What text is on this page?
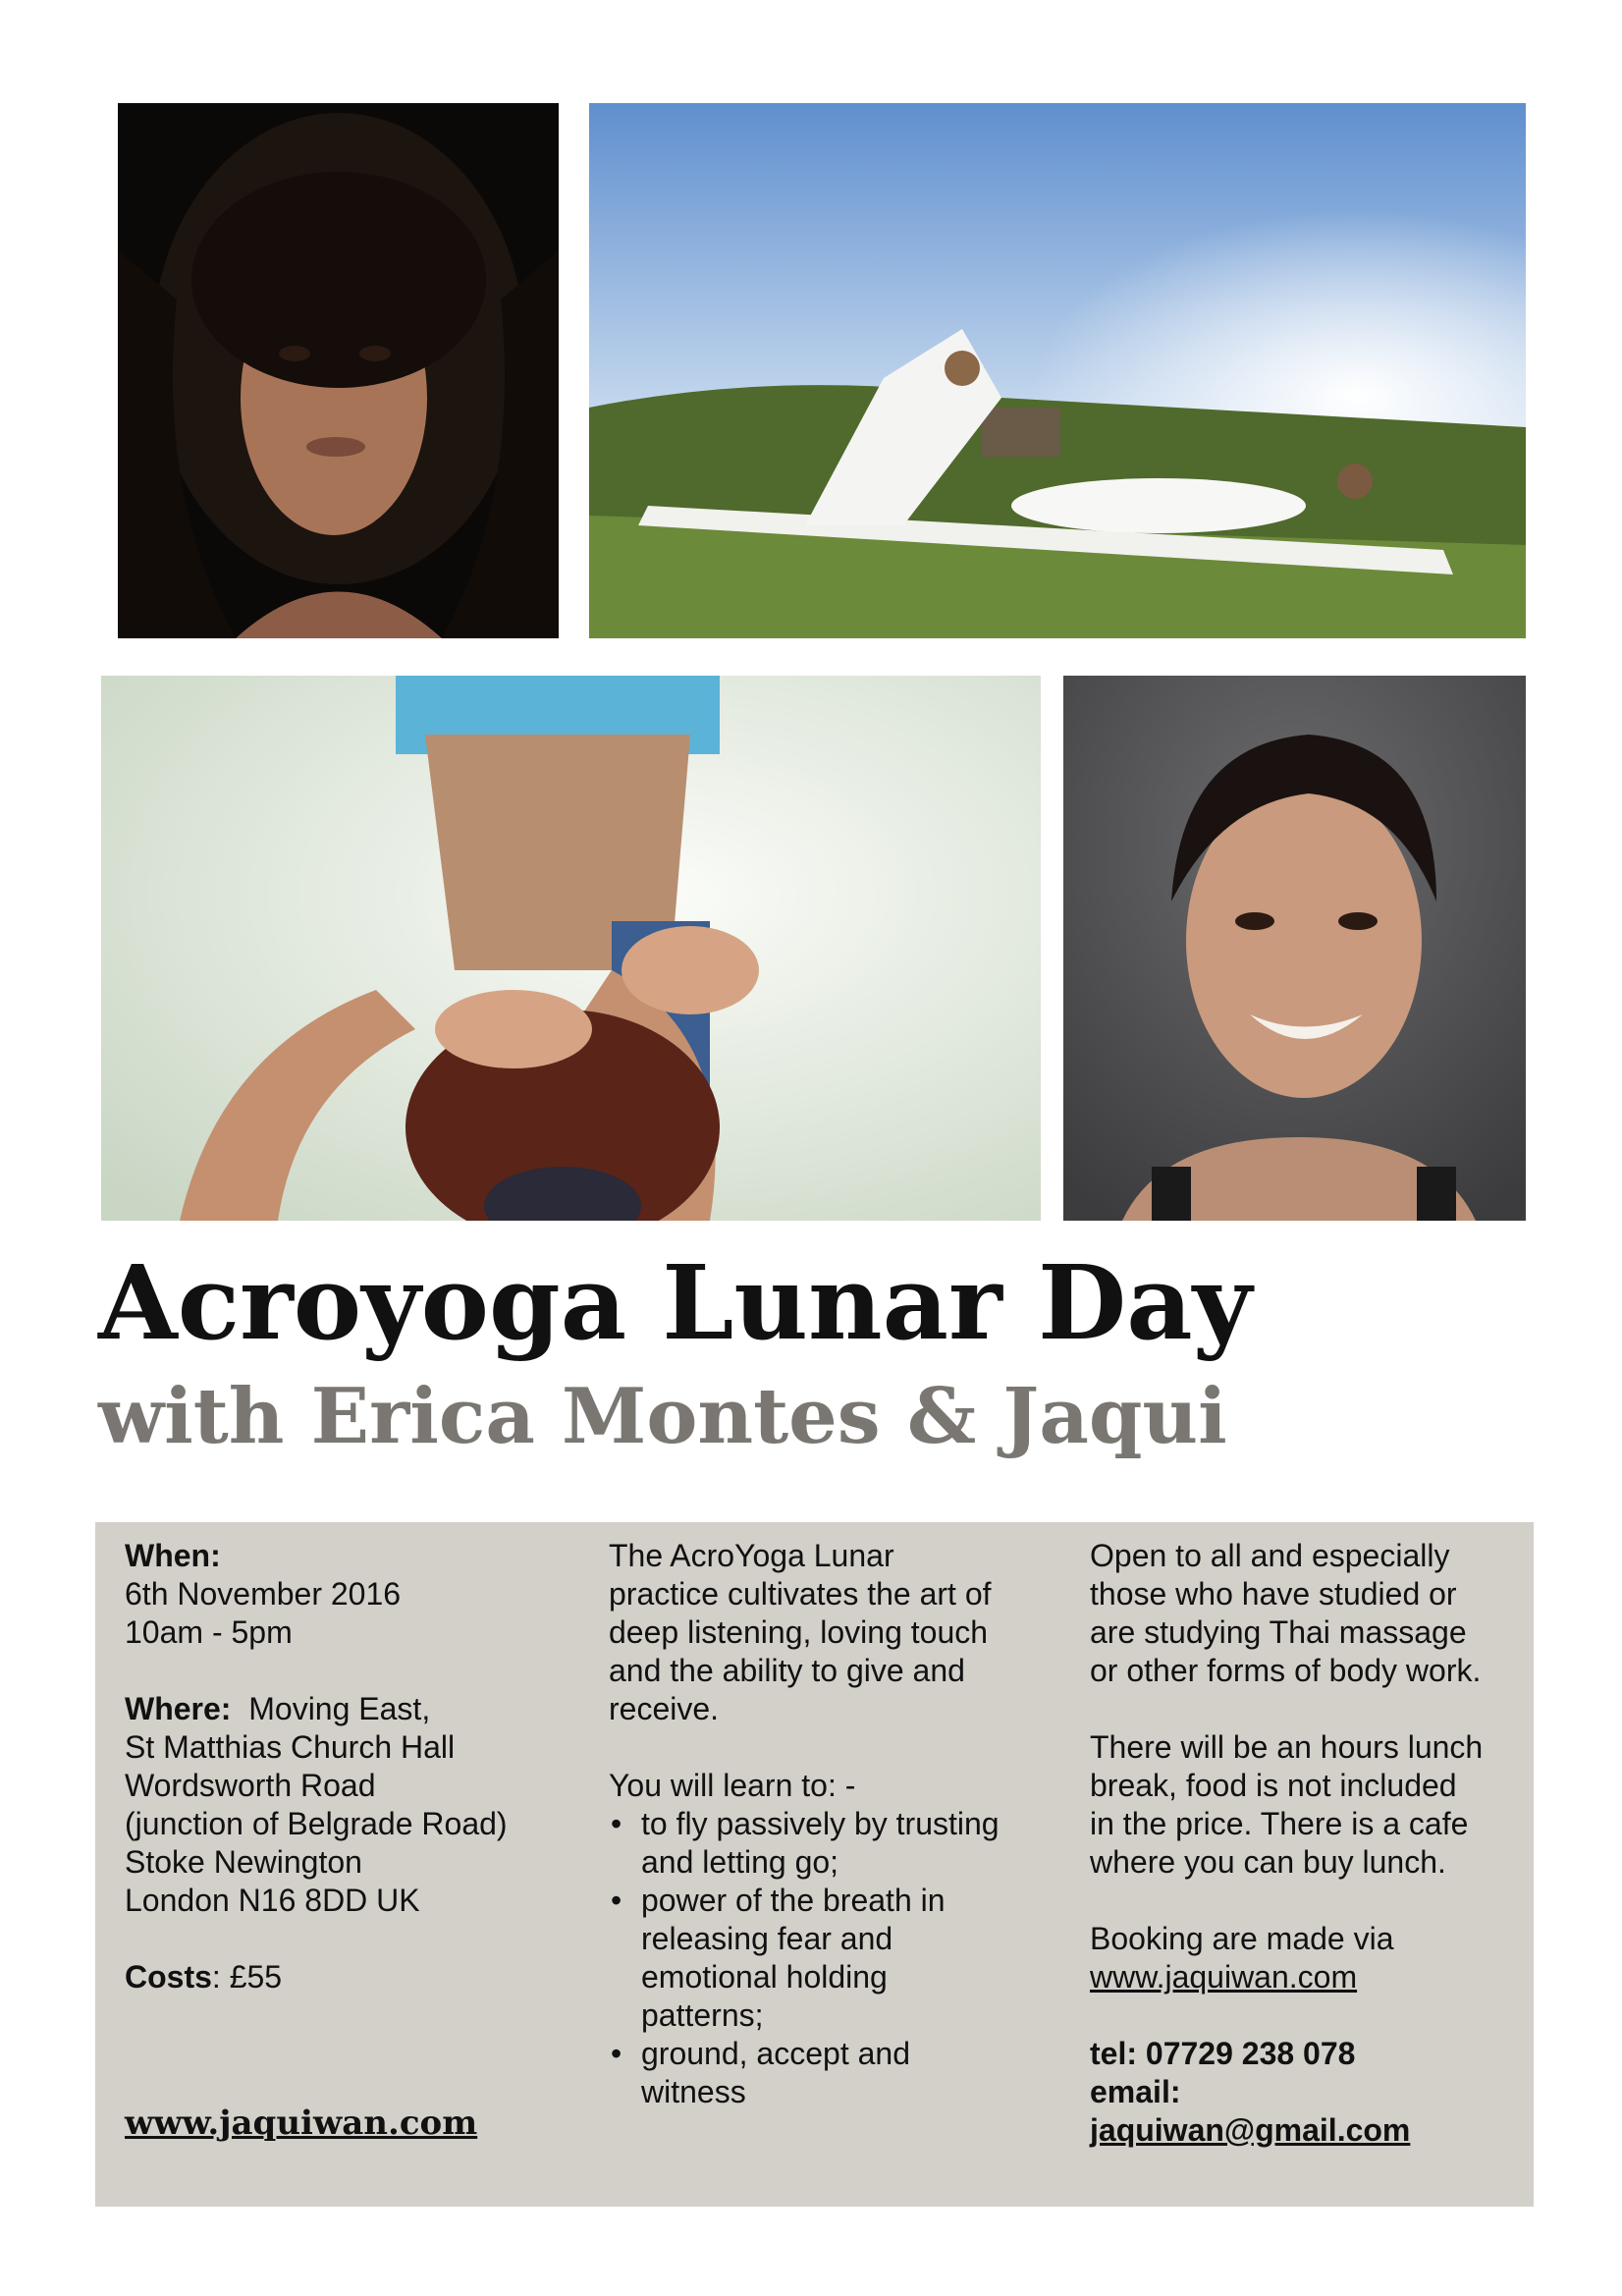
Acroyoga Lunar Day
with Erica Montes & Jaqui
When:
6th November 2016
10am - 5pm
Where: Moving East,
St Matthias Church Hall
Wordsworth Road
(junction of Belgrade Road)
Stoke Newington
London N16 8DD UK
Costs: £55
www.jaquiwan.com
The AcroYoga Lunar
practice cultivates the art of
deep listening, loving touch
and the ability to give and
receive.
You will learn to: -
• to fly passively by trusting
and letting go;
• power of the breath in
releasing fear and
emotional holding
patterns;
• ground, accept and
witness
Open to all and especially
those who have studied or
are studying Thai massage
or other forms of body work.
There will be an hours lunch
break, food is not included
in the price. There is a cafe
where you can buy lunch.
Booking are made via
www.jaquiwan.com
tel: 07729 238 078
email:
jaquiwan@gmail.com
